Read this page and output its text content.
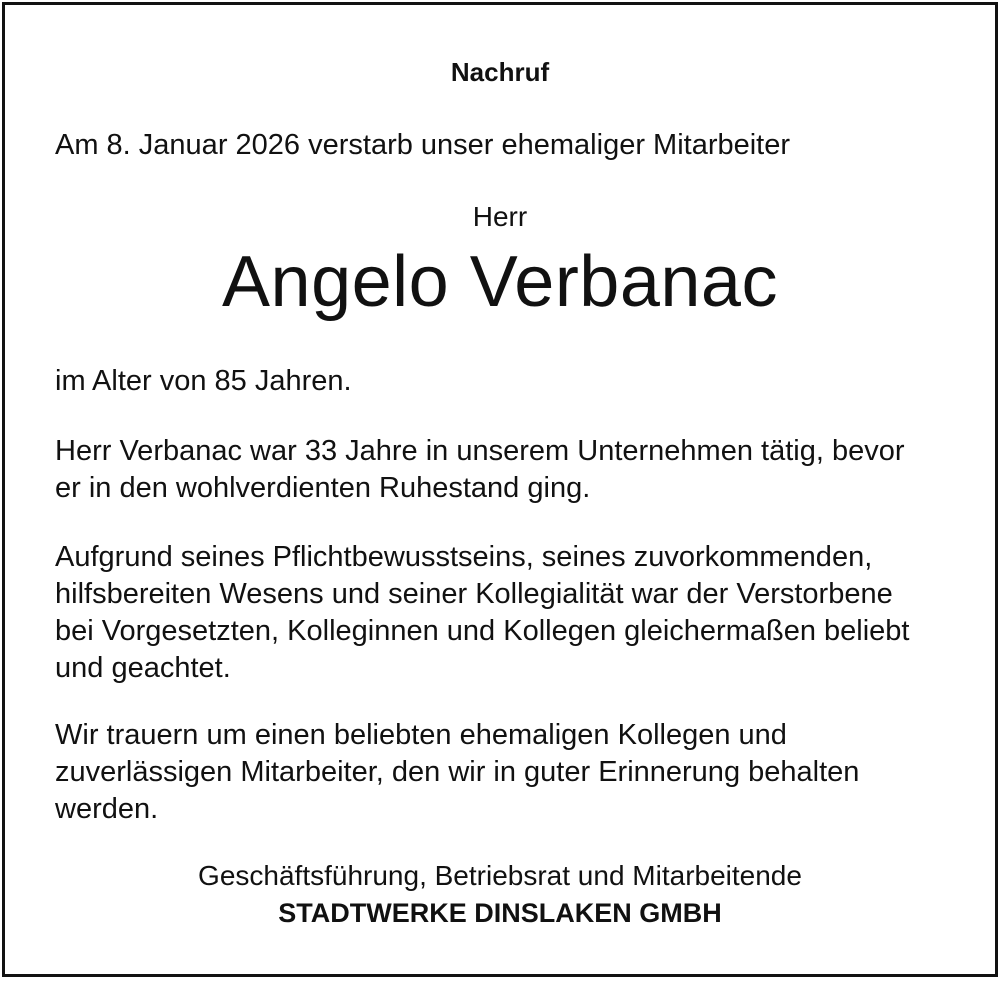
Nachruf
Am 8. Januar 2026 verstarb unser ehemaliger Mitarbeiter
Herr
Angelo Verbanac

im Alter von 85 Jahren.

Herr Verbanac war 33 Jahre in unserem Unternehmen tätig, bevor
er in den wohlverdienten Ruhestand ging.

Aufgrund seines Pflichtbewusstseins, seines zuvorkommenden,
hilfsbereiten Wesens und seiner Kollegialität war der Verstorbene
bei Vorgesetzten, Kolleginnen und Kollegen gleichermaßen beliebt
und geachtet.

Wir trauern um einen beliebten ehemaligen Kollegen und
zuverlässigen Mitarbeiter, den wir in guter Erinnerung behalten
werden.

Geschäftsführung, Betriebsrat und Mitarbeitende
STADTWERKE DINSLAKEN GMBH
